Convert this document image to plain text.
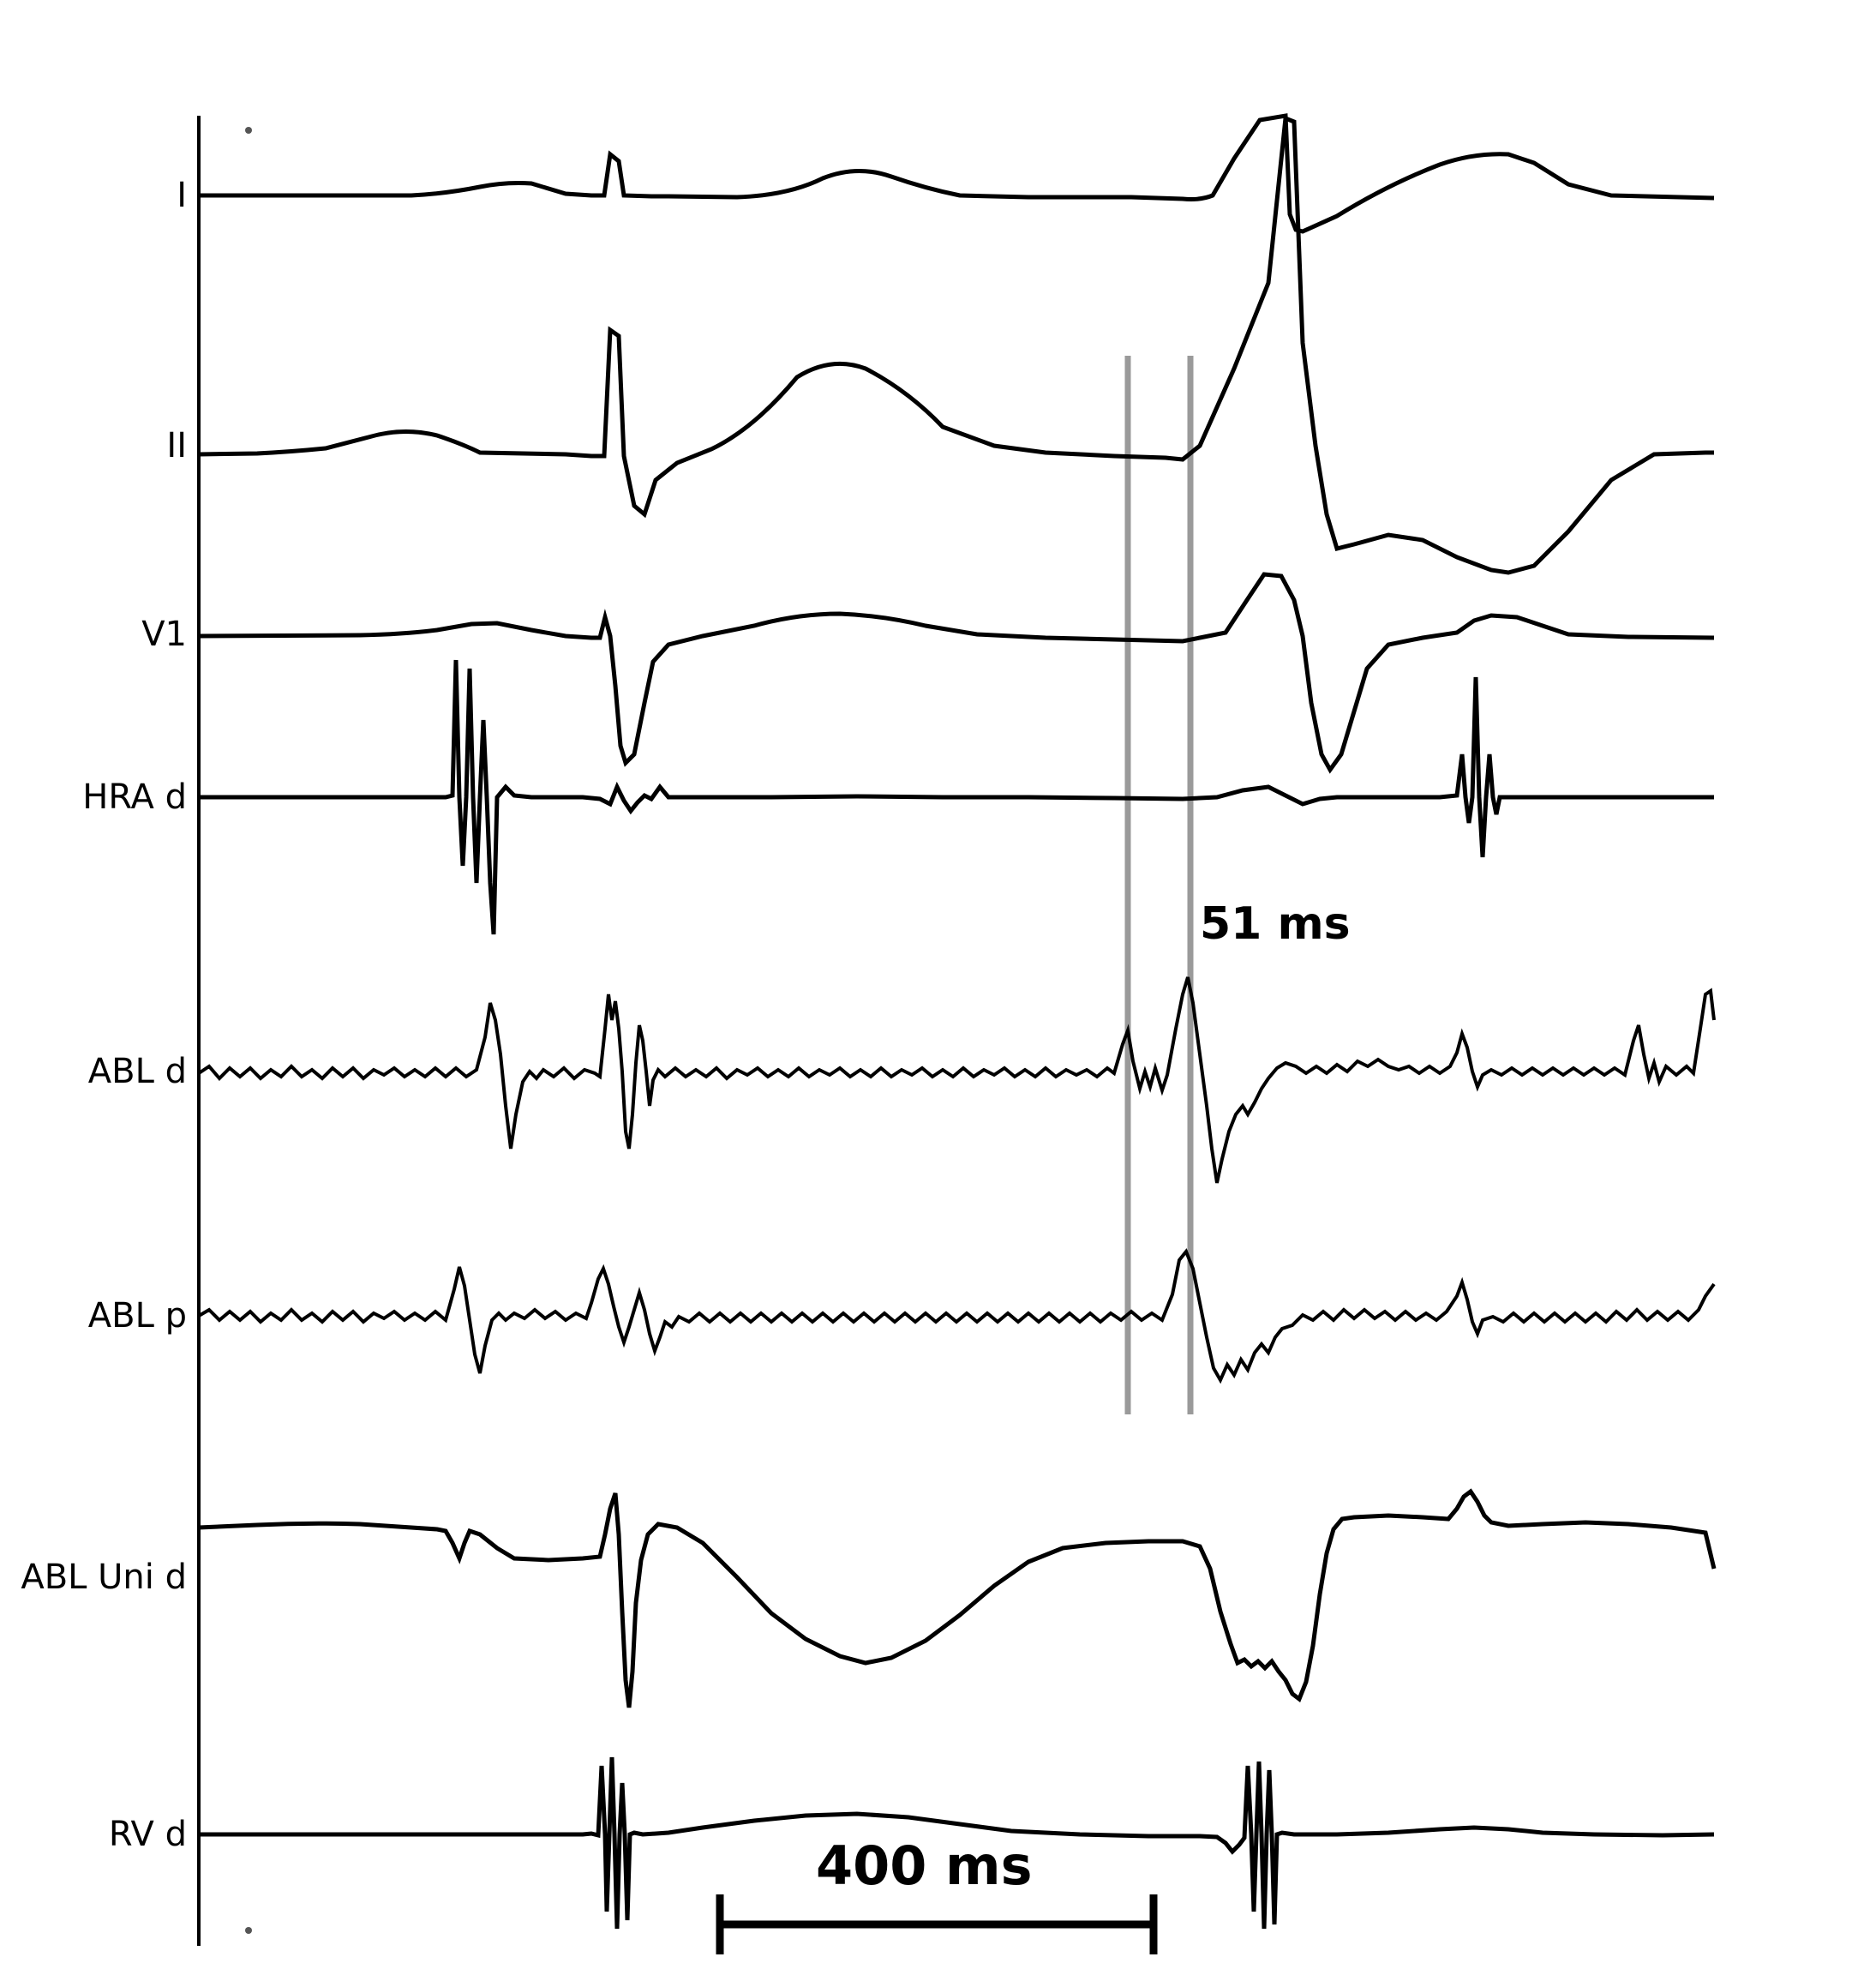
I
II
V1
HRA d
ABL d
ABL p
ABL Uni d
RV d
51 ms
400 ms
